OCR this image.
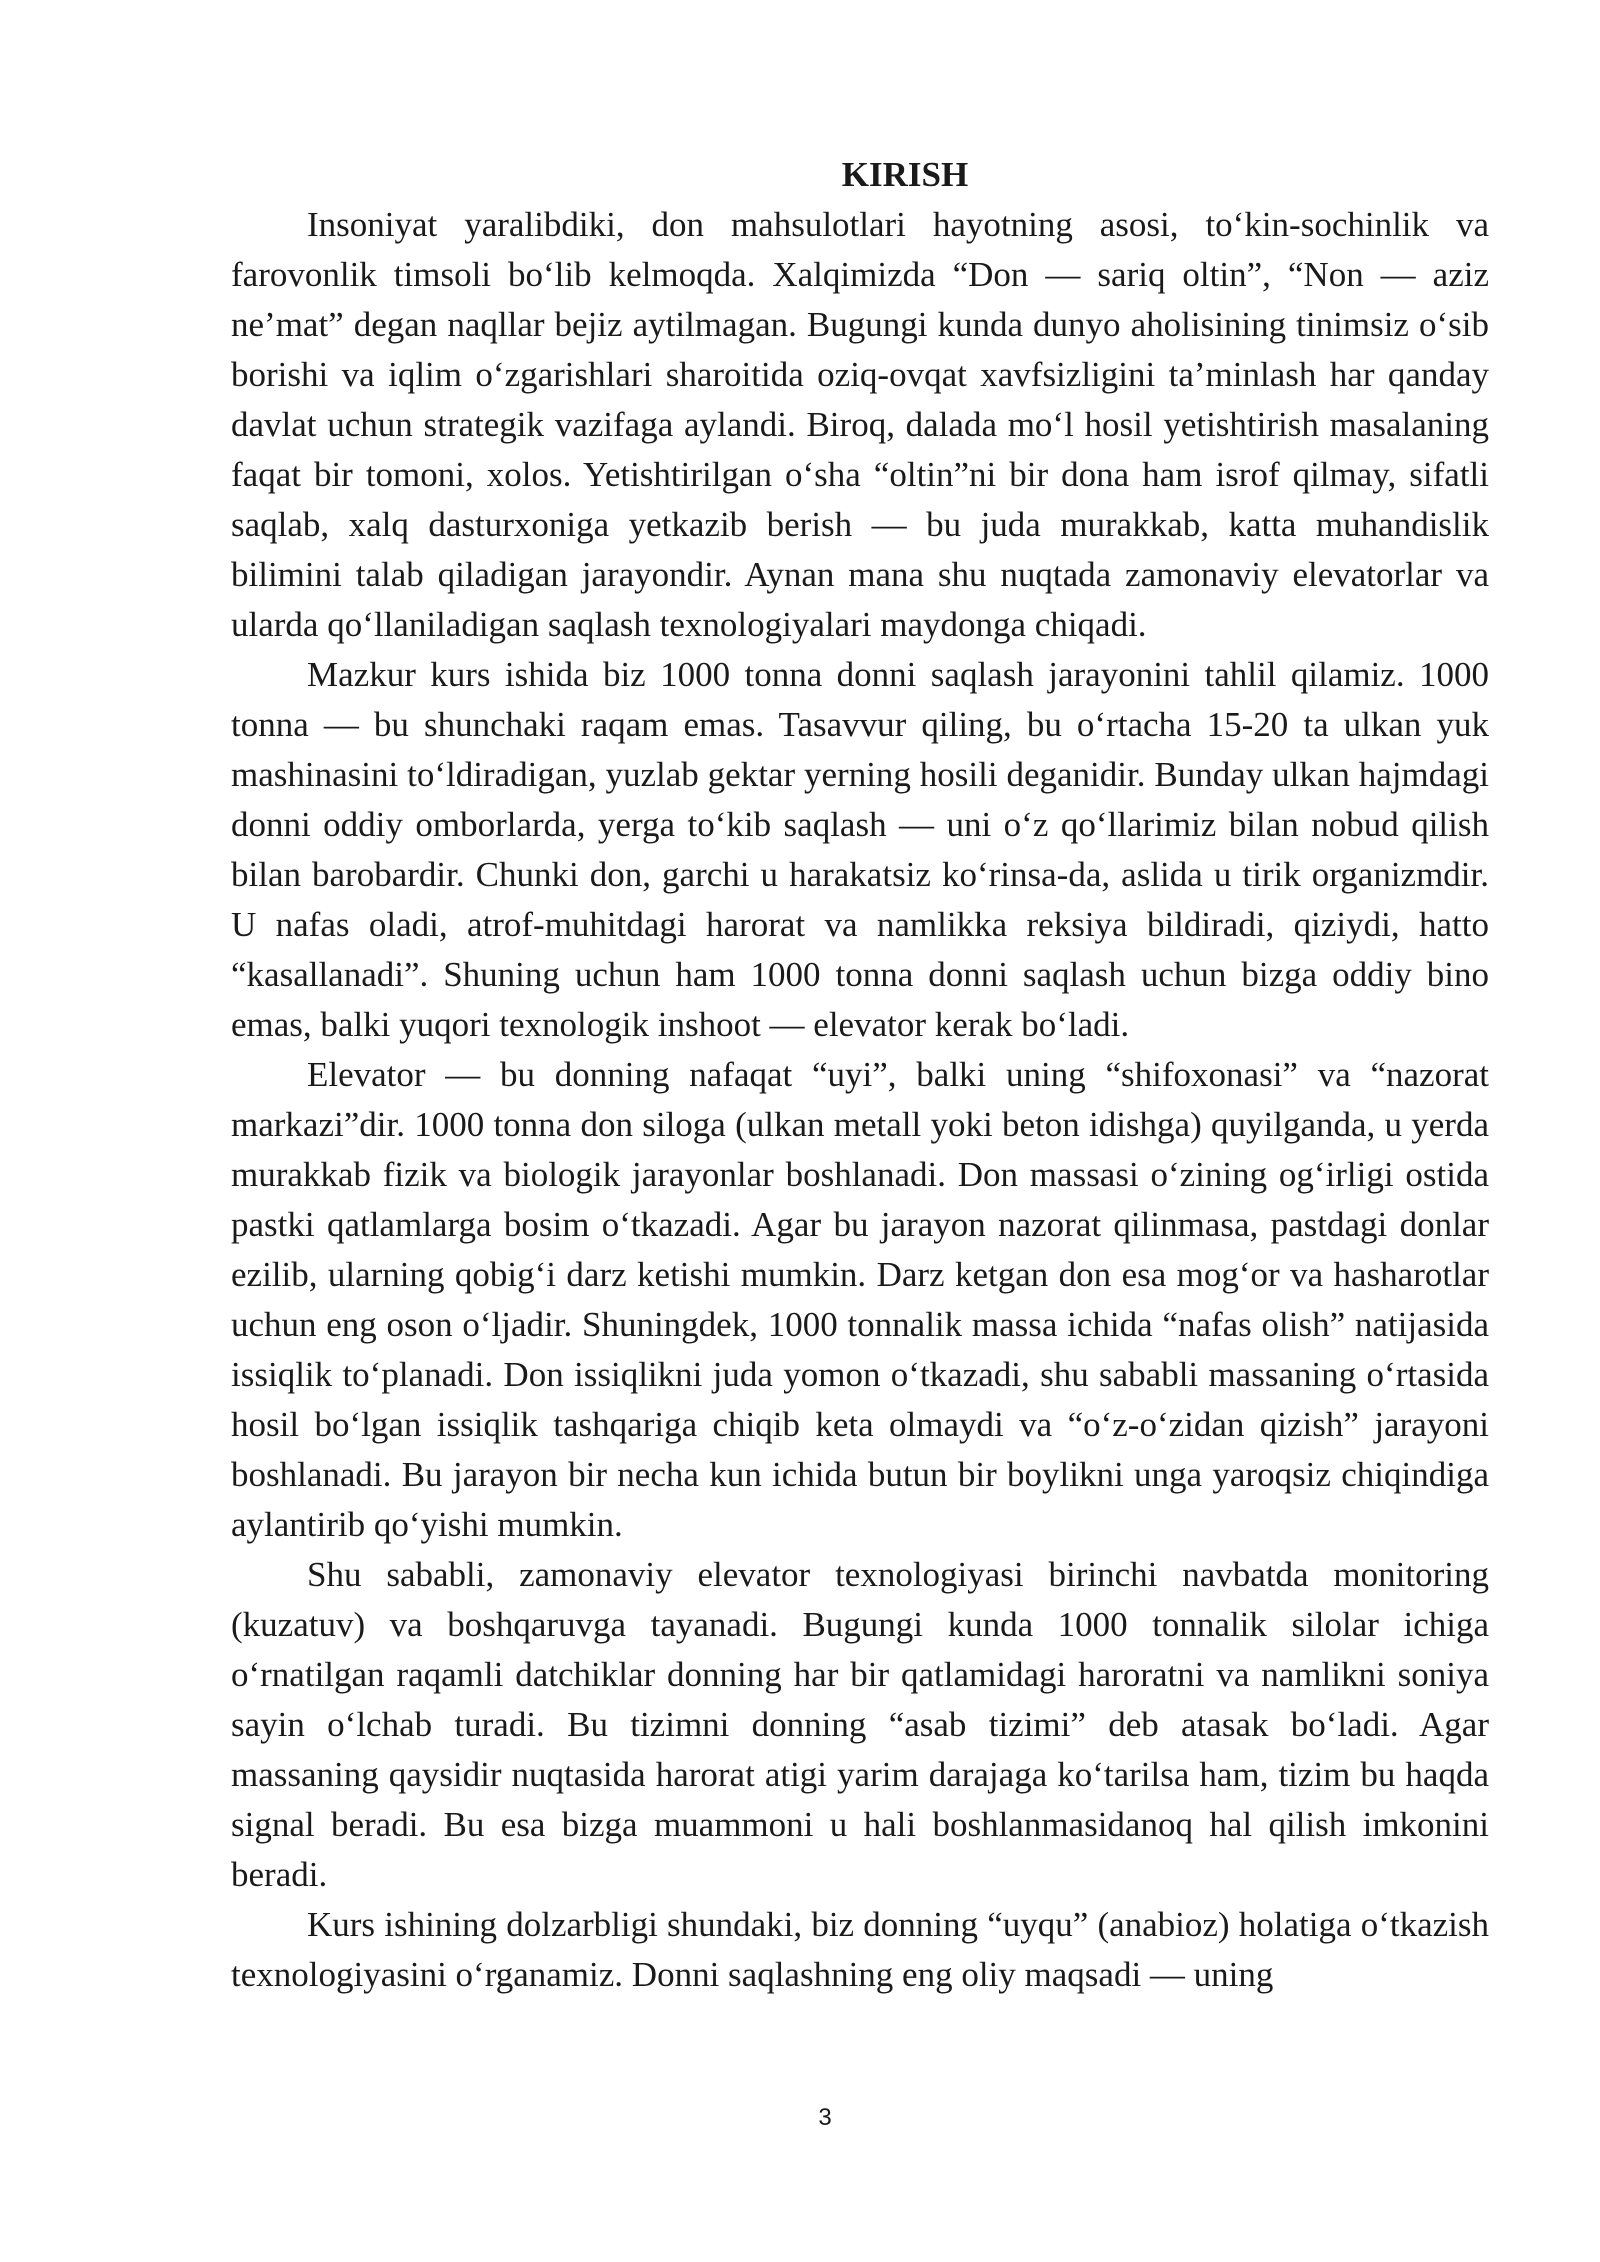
KIRISH

Insoniyat yaralibdiki, don mahsulotlari hayotning asosi, to‘kin-sochinlik va farovonlik timsoli bo‘lib kelmoqda. Xalqimizda “Don — sariq oltin”, “Non — aziz ne’mat” degan naqllar bejiz aytilmagan. Bugungi kunda dunyo aholisining tinimsiz o‘sib borishi va iqlim o‘zgarishlari sharoitida oziq-ovqat xavfsizligini ta’minlash har qanday davlat uchun strategik vazifaga aylandi. Biroq, dalada mo‘l hosil yetishtirish masalaning faqat bir tomoni, xolos. Yetishtirilgan o‘sha “oltin”ni bir dona ham isrof qilmay, sifatli saqlab, xalq dasturxoniga yetkazib berish — bu juda murakkab, katta muhandislik bilimini talab qiladigan jarayondir. Aynan mana shu nuqtada zamonaviy elevatorlar va ularda qo‘llaniladigan saqlash texnologiyalari maydonga chiqadi.

Mazkur kurs ishida biz 1000 tonna donni saqlash jarayonini tahlil qilamiz. 1000 tonna — bu shunchaki raqam emas. Tasavvur qiling, bu o‘rtacha 15-20 ta ulkan yuk mashinasini to‘ldiradigan, yuzlab gektar yerning hosili deganidir. Bunday ulkan hajmdagi donni oddiy omborlarda, yerga to‘kib saqlash — uni o‘z qo‘llarimiz bilan nobud qilish bilan barobardir. Chunki don, garchi u harakatsiz ko‘rinsa-da, aslida u tirik organizmdir. U nafas oladi, atrof-muhitdagi harorat va namlikka reksiya bildiradi, qiziydi, hatto “kasallanadi”. Shuning uchun ham 1000 tonna donni saqlash uchun bizga oddiy bino emas, balki yuqori texnologik inshoot — elevator kerak bo‘ladi.

Elevator — bu donning nafaqat “uyi”, balki uning “shifoxonasi” va “nazorat markazi”dir. 1000 tonna don siloga (ulkan metall yoki beton idishga) quyilganda, u yerda murakkab fizik va biologik jarayonlar boshlanadi. Don massasi o‘zining og‘irligi ostida pastki qatlamlarga bosim o‘tkazadi. Agar bu jarayon nazorat qilinmasa, pastdagi donlar ezilib, ularning qobig‘i darz ketishi mumkin. Darz ketgan don esa mog‘or va hasharotlar uchun eng oson o‘ljadir. Shuningdek, 1000 tonnalik massa ichida “nafas olish” natijasida issiqlik to‘planadi. Don issiqlikni juda yomon o‘tkazadi, shu sababli massaning o‘rtasida hosil bo‘lgan issiqlik tashqariga chiqib keta olmaydi va “o‘z-o‘zidan qizish” jarayoni boshlanadi. Bu jarayon bir necha kun ichida butun bir boylikni unga yaroqsiz chiqindiga aylantirib qo‘yishi mumkin.

Shu sababli, zamonaviy elevator texnologiyasi birinchi navbatda monitoring (kuzatuv) va boshqaruvga tayanadi. Bugungi kunda 1000 tonnalik silolar ichiga o‘rnatilgan raqamli datchiklar donning har bir qatlamidagi haroratni va namlikni soniya sayin o‘lchab turadi. Bu tizimni donning “asab tizimi” deb atasak bo‘ladi. Agar massaning qaysidir nuqtasida harorat atigi yarim darajaga ko‘tarilsa ham, tizim bu haqda signal beradi. Bu esa bizga muammoni u hali boshlanmasidanoq hal qilish imkonini beradi.

Kurs ishining dolzarbligi shundaki, biz donning “uyqu” (anabioz) holatiga o‘tkazish texnologiyasini o‘rganamiz. Donni saqlashning eng oliy maqsadi — uning

3
